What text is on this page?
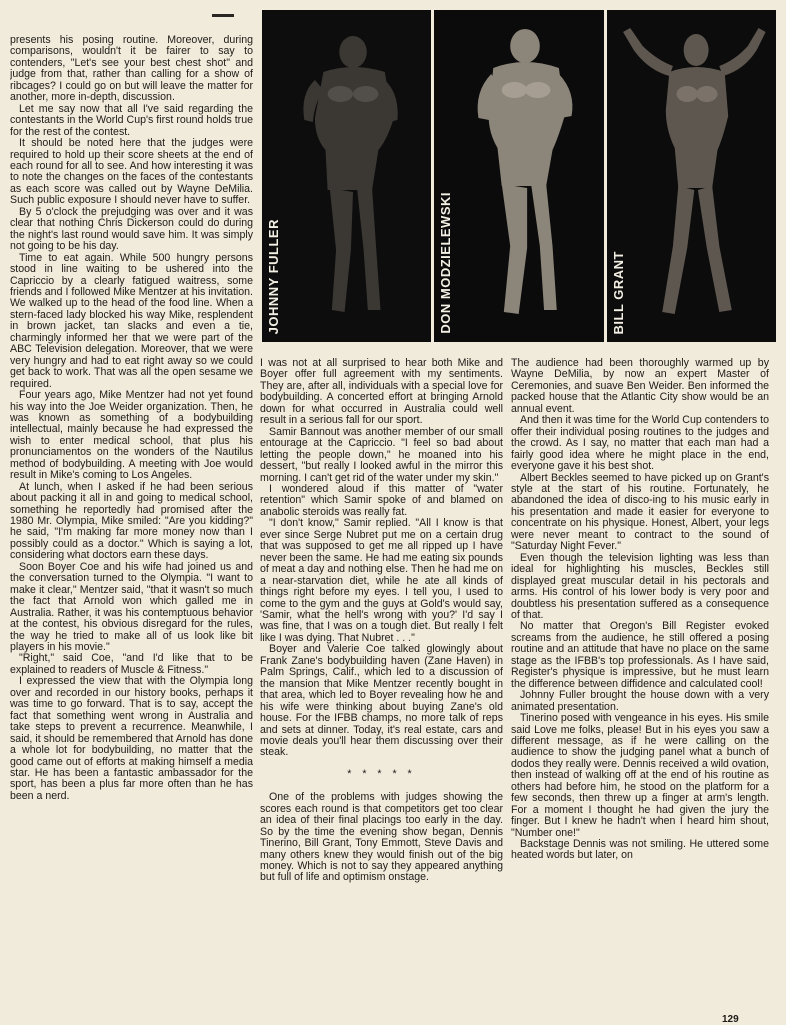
JOHNNY FULLER	DON MODZIELEWSKI	BILL GRANT

presents his posing routine. Moreover, during comparisons, wouldn't it be fairer to say to contenders, "Let's see your best chest shot" and judge from that, rather than calling for a show of ribcages? I could go on but will leave the matter for another, more in-depth, discussion.

Let me say now that all I've said regarding the contestants in the World Cup's first round holds true for the rest of the contest.

It should be noted here that the judges were required to hold up their score sheets at the end of each round for all to see. And how interesting it was to note the changes on the faces of the contestants as each score was called out by Wayne DeMilia. Such public exposure I should never have to suffer.

By 5 o'clock the prejudging was over and it was clear that nothing Chris Dickerson could do during the night's last round would save him. It was simply not going to be his day.

Time to eat again. While 500 hungry persons stood in line waiting to be ushered into the Capriccio by a clearly fatigued waitress, some friends and I followed Mike Mentzer at his invitation. We walked up to the head of the food line. When a stern-faced lady blocked his way Mike, resplendent in brown jacket, tan slacks and even a tie, charmingly informed her that we were part of the ABC Television delegation. Moreover, that we were very hungry and had to eat right away so we could get back to work. That was all the open sesame we required.

Four years ago, Mike Mentzer had not yet found his way into the Joe Weider organization. Then, he was known as something of a bodybuilding intellectual, mainly because he had expressed the wish to enter medical school, that plus his pronunciamentos on the wonders of the Nautilus method of bodybuilding. A meeting with Joe would result in Mike's coming to Los Angeles.

At lunch, when I asked if he had been serious about packing it all in and going to medical school, something he reportedly had promised after the 1980 Mr. Olympia, Mike smiled: "Are you kidding?" he said, "I'm making far more money now than I possibly could as a doctor." Which is saying a lot, considering what doctors earn these days.

Soon Boyer Coe and his wife had joined us and the conversation turned to the Olympia. "I want to make it clear," Mentzer said, "that it wasn't so much the fact that Arnold won which galled me in Australia. Rather, it was his contemptuous behavior at the contest, his obvious disregard for the rules, the way he tried to make all of us look like bit players in his movie."

"Right," said Coe, "and I'd like that to be explained to readers of Muscle & Fitness."

I expressed the view that with the Olympia long over and recorded in our history books, perhaps it was time to go forward. That is to say, accept the fact that something went wrong in Australia and take steps to prevent a recurrence. Meanwhile, I said, it should be remembered that Arnold has done a whole lot for bodybuilding, no matter that the good came out of efforts at making himself a media star. He has been a fantastic ambassador for the sport, has been a plus far more often than he has been a nerd.

I was not at all surprised to hear both Mike and Boyer offer full agreement with my sentiments. They are, after all, individuals with a special love for bodybuilding. A concerted effort at bringing Arnold down for what occurred in Australia could well result in a serious fall for our sport.

Samir Bannout was another member of our small entourage at the Capriccio. "I feel so bad about letting the people down," he moaned into his dessert, "but really I looked awful in the mirror this morning. I can't get rid of the water under my skin."

I wondered aloud if this matter of "water retention" which Samir spoke of and blamed on anabolic steroids was really fat.

"I don't know," Samir replied. "All I know is that ever since Serge Nubret put me on a certain drug that was supposed to get me all ripped up I have never been the same. He had me eating six pounds of meat a day and nothing else. Then he had me on a near-starvation diet, while he ate all kinds of things right before my eyes. I tell you, I used to come to the gym and the guys at Gold's would say, 'Samir, what the hell's wrong with you?' I'd say I was fine, that I was on a tough diet. But really I felt like I was dying. That Nubret . . ."

Boyer and Valerie Coe talked glowingly about Frank Zane's bodybuilding haven (Zane Haven) in Palm Springs, Calif., which led to a discussion of the mansion that Mike Mentzer recently bought in that area, which led to Boyer revealing how he and his wife were thinking about buying Zane's old house. For the IFBB champs, no more talk of reps and sets at dinner. Today, it's real estate, cars and movie deals you'll hear them discussing over their steak.

* * * * *

One of the problems with judges showing the scores each round is that competitors get too clear an idea of their final placings too early in the day. So by the time the evening show began, Dennis Tinerino, Bill Grant, Tony Emmott, Steve Davis and many others knew they would finish out of the big money. Which is not to say they appeared anything but full of life and optimism onstage.

The audience had been thoroughly warmed up by Wayne DeMilia, by now an expert Master of Ceremonies, and suave Ben Weider. Ben informed the packed house that the Atlantic City show would be an annual event.

And then it was time for the World Cup contenders to offer their individual posing routines to the judges and the crowd. As I say, no matter that each man had a fairly good idea where he might place in the end, everyone gave it his best shot.

Albert Beckles seemed to have picked up on Grant's style at the start of his routine. Fortunately, he abandoned the idea of disco-ing to his music early in his presentation and made it easier for everyone to concentrate on his physique. Honest, Albert, your legs were never meant to contract to the sound of "Saturday Night Fever."

Even though the television lighting was less than ideal for highlighting his muscles, Beckles still displayed great muscular detail in his pectorals and arms. His control of his lower body is very poor and doubtless his presentation suffered as a consequence of that.

No matter that Oregon's Bill Register evoked screams from the audience, he still offered a posing routine and an attitude that have no place on the same stage as the IFBB's top professionals. As I have said, Register's physique is impressive, but he must learn the difference between diffidence and calculated cool!

Johnny Fuller brought the house down with a very animated presentation.

Tinerino posed with vengeance in his eyes. His smile said Love me folks, please! But in his eyes you saw a different message, as if he were calling on the audience to show the judging panel what a bunch of dodos they really were. Dennis received a wild ovation, then instead of walking off at the end of his routine as others had before him, he stood on the platform for a few seconds, then threw up a finger at arm's length. For a moment I thought he had given the jury the finger. But I knew he hadn't when I heard him shout, "Number one!"

Backstage Dennis was not smiling. He uttered some heated words but later, on

129
